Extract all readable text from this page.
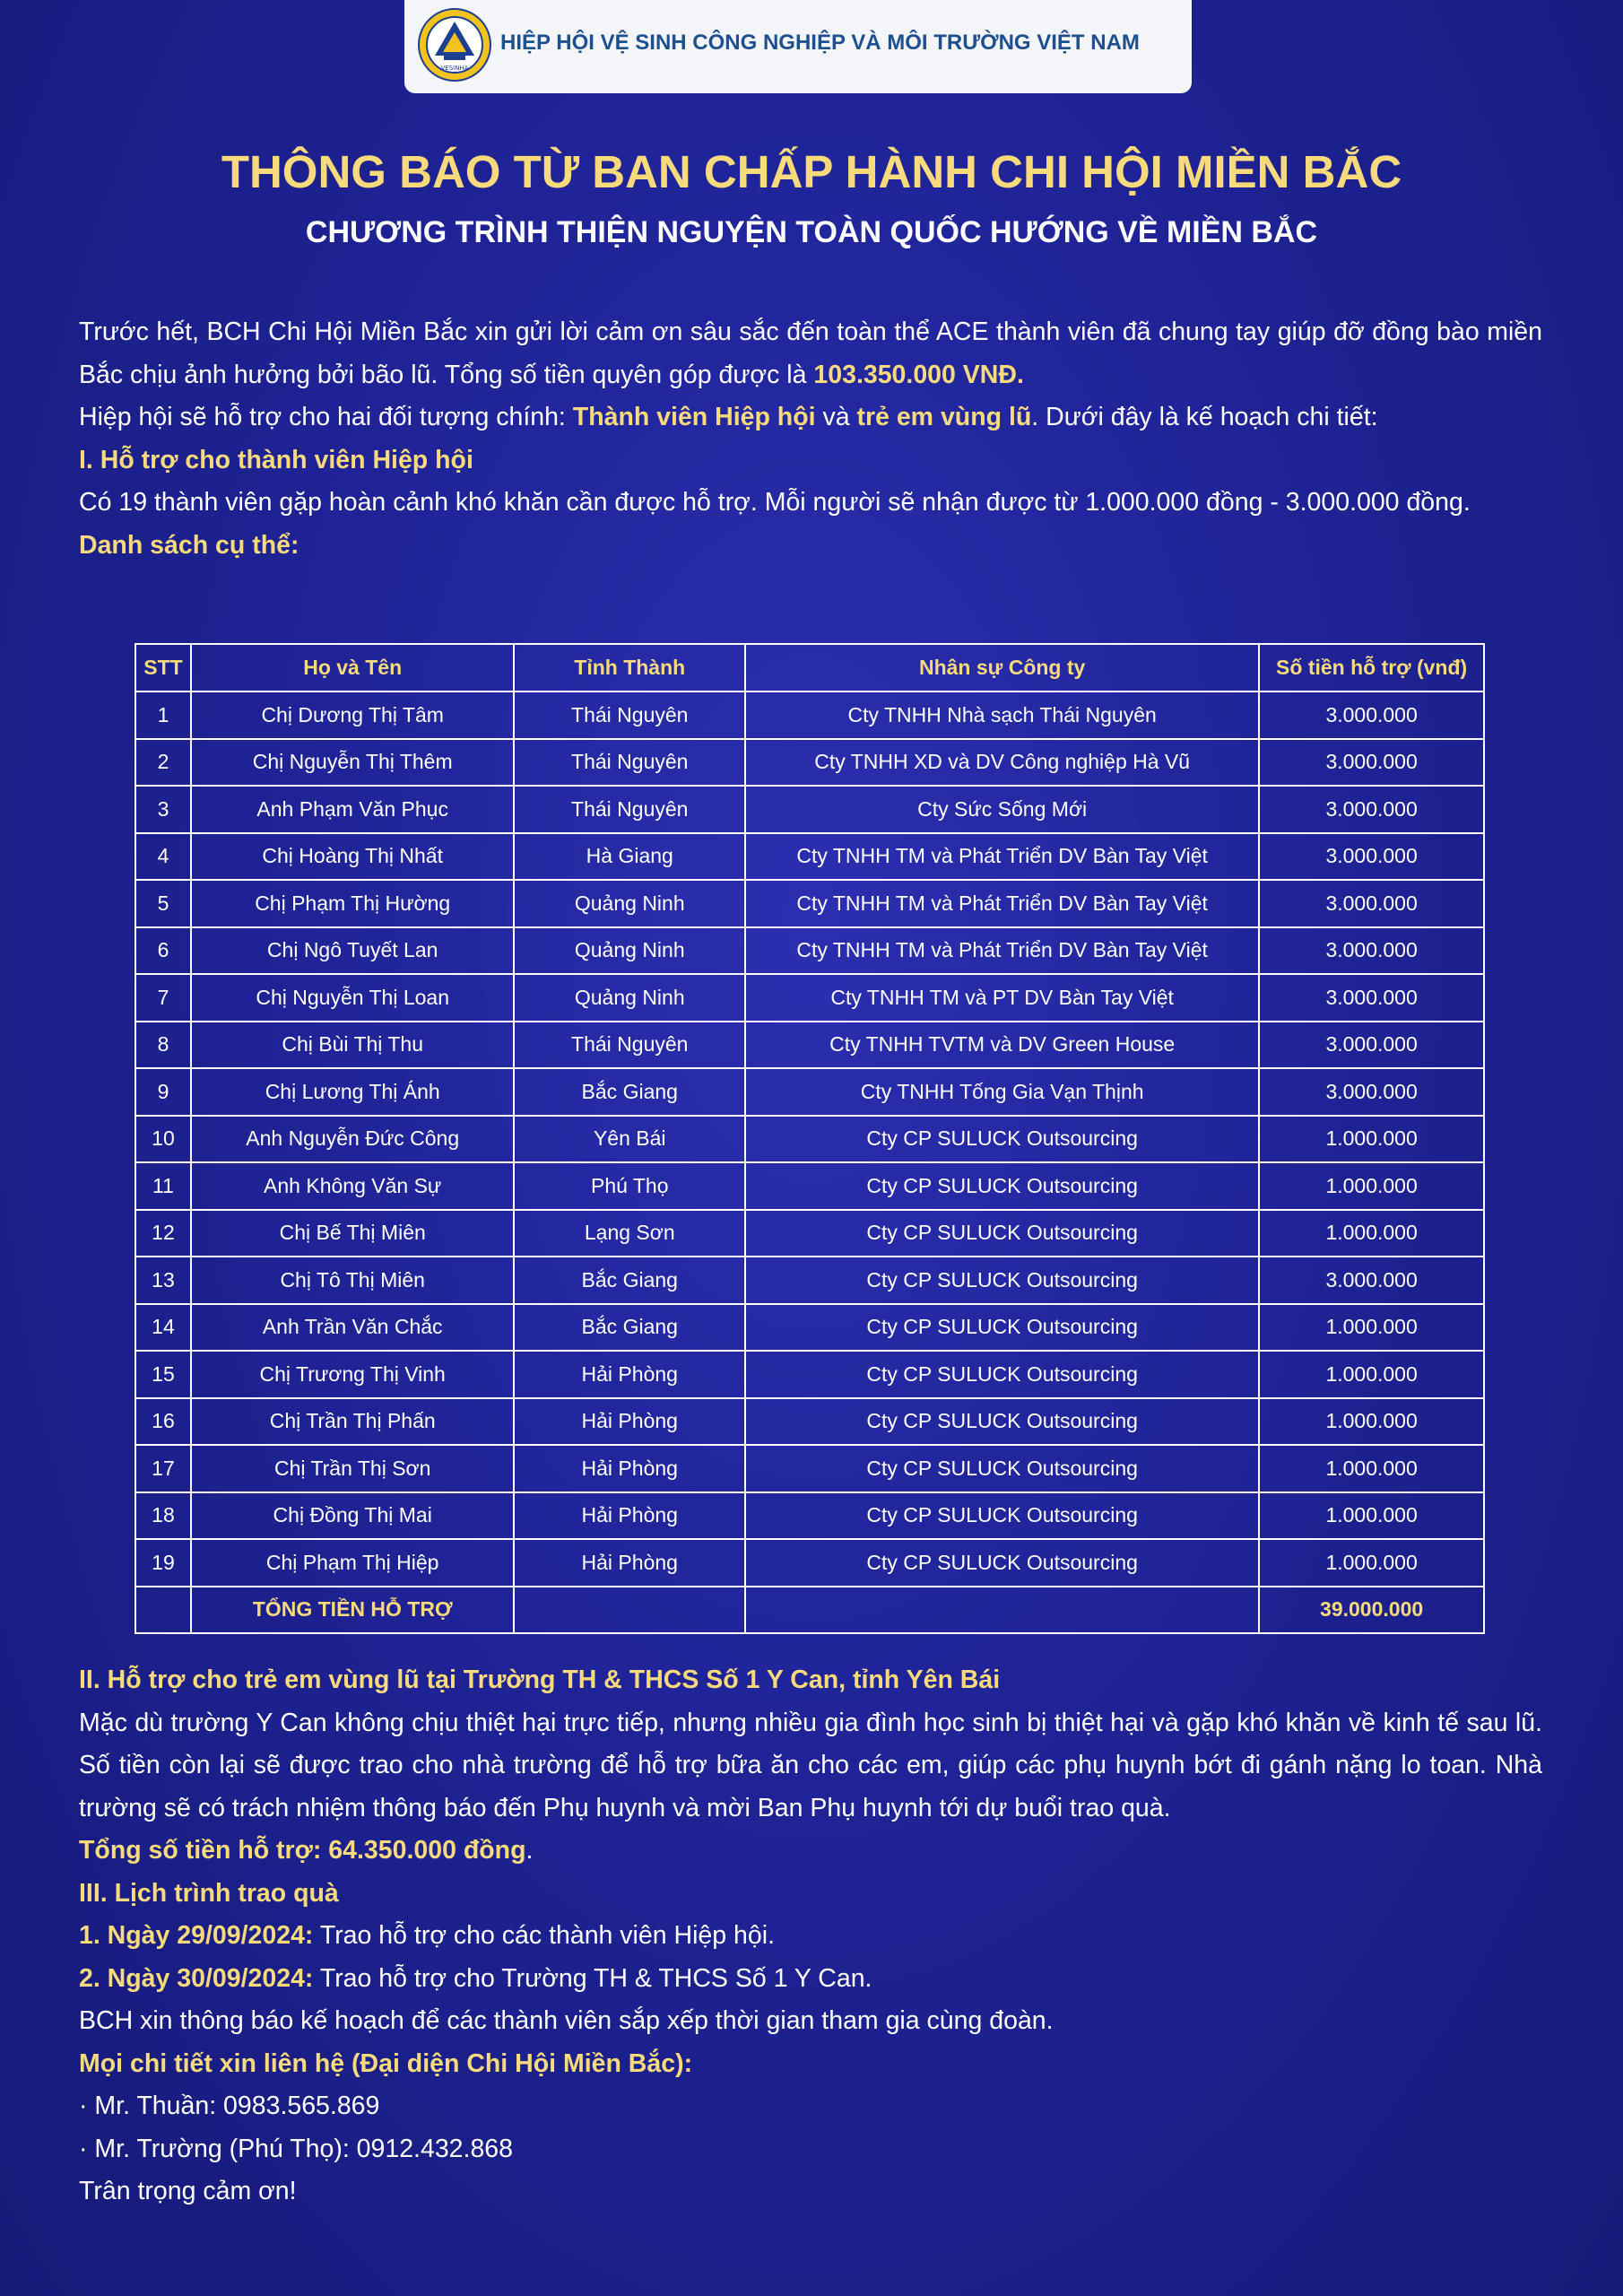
VESINHA
HIỆP HỘI VỆ SINH CÔNG NGHIỆP VÀ MÔI TRƯỜNG VIỆT NAM
THÔNG BÁO TỪ BAN CHẤP HÀNH CHI HỘI MIỀN BẮC
CHƯƠNG TRÌNH THIỆN NGUYỆN TOÀN QUỐC HƯỚNG VỀ MIỀN BẮC

Trước hết, BCH Chi Hội Miền Bắc xin gửi lời cảm ơn sâu sắc đến toàn thể ACE thành viên đã chung tay giúp đỡ đồng bào miền Bắc chịu ảnh hưởng bởi bão lũ. Tổng số tiền quyên góp được là 103.350.000 VNĐ.

Hiệp hội sẽ hỗ trợ cho hai đối tượng chính: Thành viên Hiệp hội và trẻ em vùng lũ. Dưới đây là kế hoạch chi tiết:

I. Hỗ trợ cho thành viên Hiệp hội

Có 19 thành viên gặp hoàn cảnh khó khăn cần được hỗ trợ. Mỗi người sẽ nhận được từ 1.000.000 đồng - 3.000.000 đồng.

Danh sách cụ thể:

STT	Họ và Tên	Tỉnh Thành	Nhân sự Công ty	Số tiền hỗ trợ (vnđ)
1	Chị Dương Thị Tâm	Thái Nguyên	Cty TNHH Nhà sạch Thái Nguyên	3.000.000
2	Chị Nguyễn Thị Thêm	Thái Nguyên	Cty TNHH XD và DV Công nghiệp Hà Vũ	3.000.000
3	Anh Phạm Văn Phục	Thái Nguyên	Cty Sức Sống Mới	3.000.000
4	Chị Hoàng Thị Nhất	Hà Giang	Cty TNHH TM và Phát Triển DV Bàn Tay Việt	3.000.000
5	Chị Phạm Thị Hường	Quảng Ninh	Cty TNHH TM và Phát Triển DV Bàn Tay Việt	3.000.000
6	Chị Ngô Tuyết Lan	Quảng Ninh	Cty TNHH TM và Phát Triển DV Bàn Tay Việt	3.000.000
7	Chị Nguyễn Thị Loan	Quảng Ninh	Cty TNHH TM và PT DV Bàn Tay Việt	3.000.000
8	Chị Bùi Thị Thu	Thái Nguyên	Cty TNHH TVTM và DV Green House	3.000.000
9	Chị Lương Thị Ánh	Bắc Giang	Cty TNHH Tống Gia Vạn Thịnh	3.000.000
10	Anh Nguyễn Đức Công	Yên Bái	Cty CP SULUCK Outsourcing	1.000.000
11	Anh Không Văn Sự	Phú Thọ	Cty CP SULUCK Outsourcing	1.000.000
12	Chị Bế Thị Miên	Lạng Sơn	Cty CP SULUCK Outsourcing	1.000.000
13	Chị Tô Thị Miên	Bắc Giang	Cty CP SULUCK Outsourcing	3.000.000
14	Anh Trần Văn Chắc	Bắc Giang	Cty CP SULUCK Outsourcing	1.000.000
15	Chị Trương Thị Vinh	Hải Phòng	Cty CP SULUCK Outsourcing	1.000.000
16	Chị Trần Thị Phấn	Hải Phòng	Cty CP SULUCK Outsourcing	1.000.000
17	Chị Trần Thị Sơn	Hải Phòng	Cty CP SULUCK Outsourcing	1.000.000
18	Chị Đồng Thị Mai	Hải Phòng	Cty CP SULUCK Outsourcing	1.000.000
19	Chị Phạm Thị Hiệp	Hải Phòng	Cty CP SULUCK Outsourcing	1.000.000
	TỔNG TIỀN HỖ TRỢ			39.000.000

II. Hỗ trợ cho trẻ em vùng lũ tại Trường TH & THCS Số 1 Y Can, tỉnh Yên Bái

Mặc dù trường Y Can không chịu thiệt hại trực tiếp, nhưng nhiều gia đình học sinh bị thiệt hại và gặp khó khăn về kinh tế sau lũ. Số tiền còn lại sẽ được trao cho nhà trường để hỗ trợ bữa ăn cho các em, giúp các phụ huynh bớt đi gánh nặng lo toan. Nhà trường sẽ có trách nhiệm thông báo đến Phụ huynh và mời Ban Phụ huynh tới dự buổi trao quà.

Tổng số tiền hỗ trợ: 64.350.000 đồng.

III. Lịch trình trao quà

1. Ngày 29/09/2024: Trao hỗ trợ cho các thành viên Hiệp hội.

2. Ngày 30/09/2024: Trao hỗ trợ cho Trường TH & THCS Số 1 Y Can.

BCH xin thông báo kế hoạch để các thành viên sắp xếp thời gian tham gia cùng đoàn.

Mọi chi tiết xin liên hệ (Đại diện Chi Hội Miền Bắc):

· Mr. Thuần: 0983.565.869

· Mr. Trường (Phú Thọ): 0912.432.868

Trân trọng cảm ơn!
